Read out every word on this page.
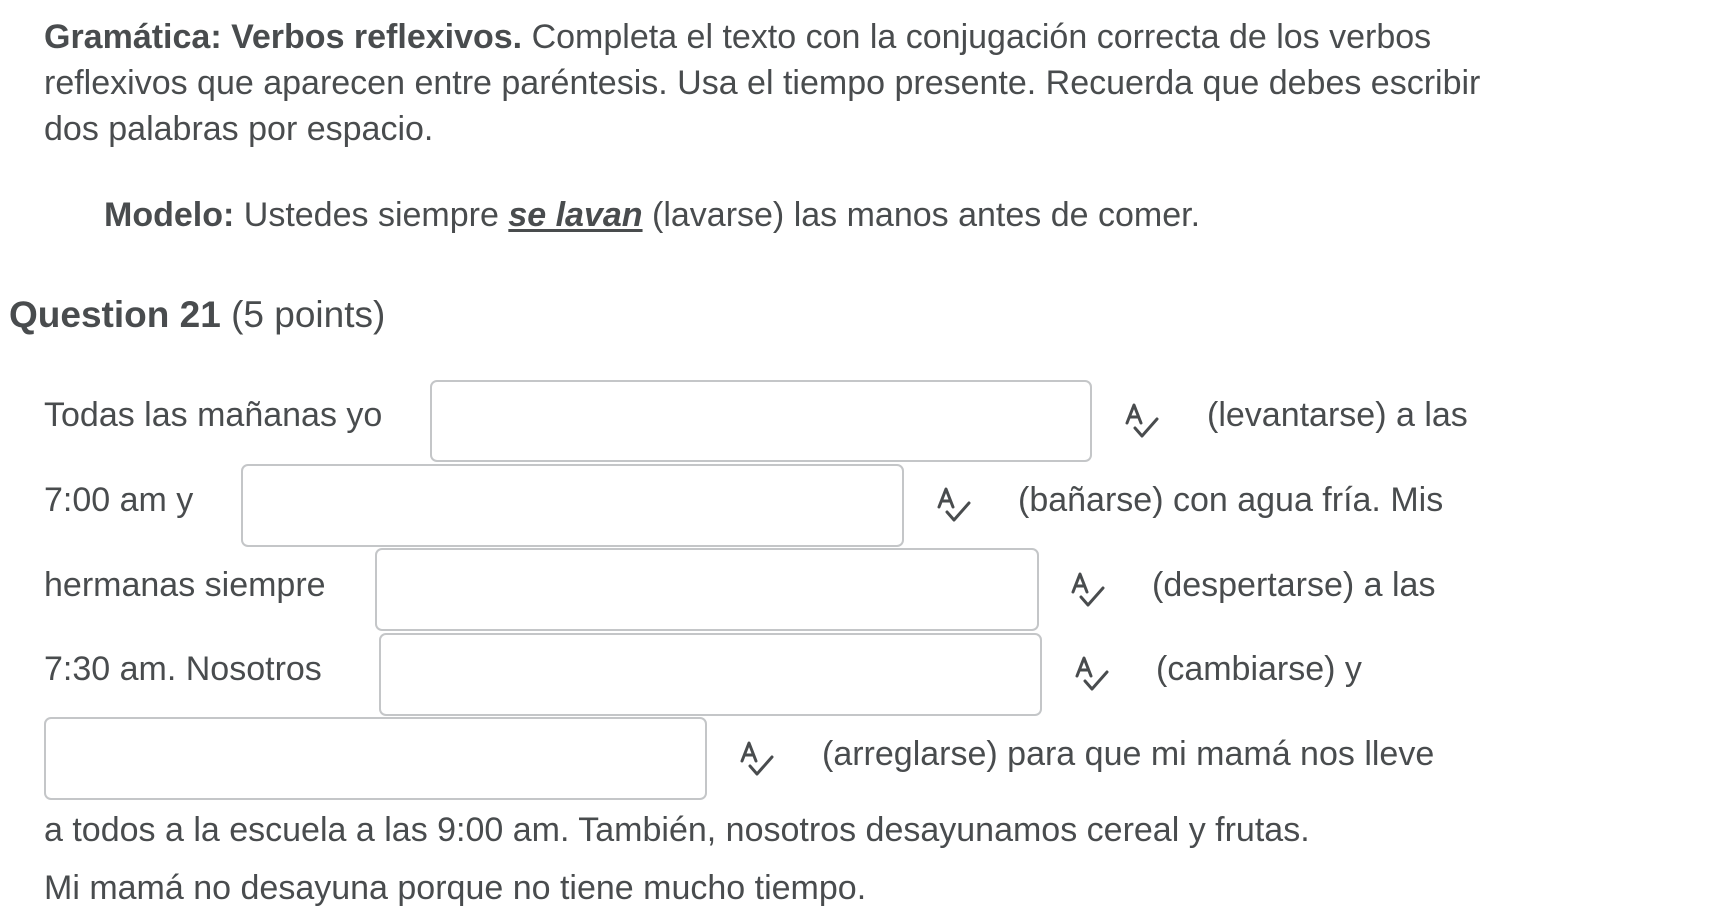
Gramática: Verbos reflexivos. Completa el texto con la conjugación correcta de los verbos reflexivos que aparecen entre paréntesis. Usa el tiempo presente. Recuerda que debes escribir dos palabras por espacio.

Modelo: Ustedes siempre se lavan (lavarse) las manos antes de comer.
Question 21 (5 points)
Todas las mañanas yo	(levantarse) a las
7:00 am y	(bañarse) con agua fría. Mis
hermanas siempre	(despertarse) a las
7:30 am. Nosotros	(cambiarse) y
(arreglarse) para que mi mamá nos lleve
a todos a la escuela a las 9:00 am. También, nosotros desayunamos cereal y frutas.
Mi mamá no desayuna porque no tiene mucho tiempo.
